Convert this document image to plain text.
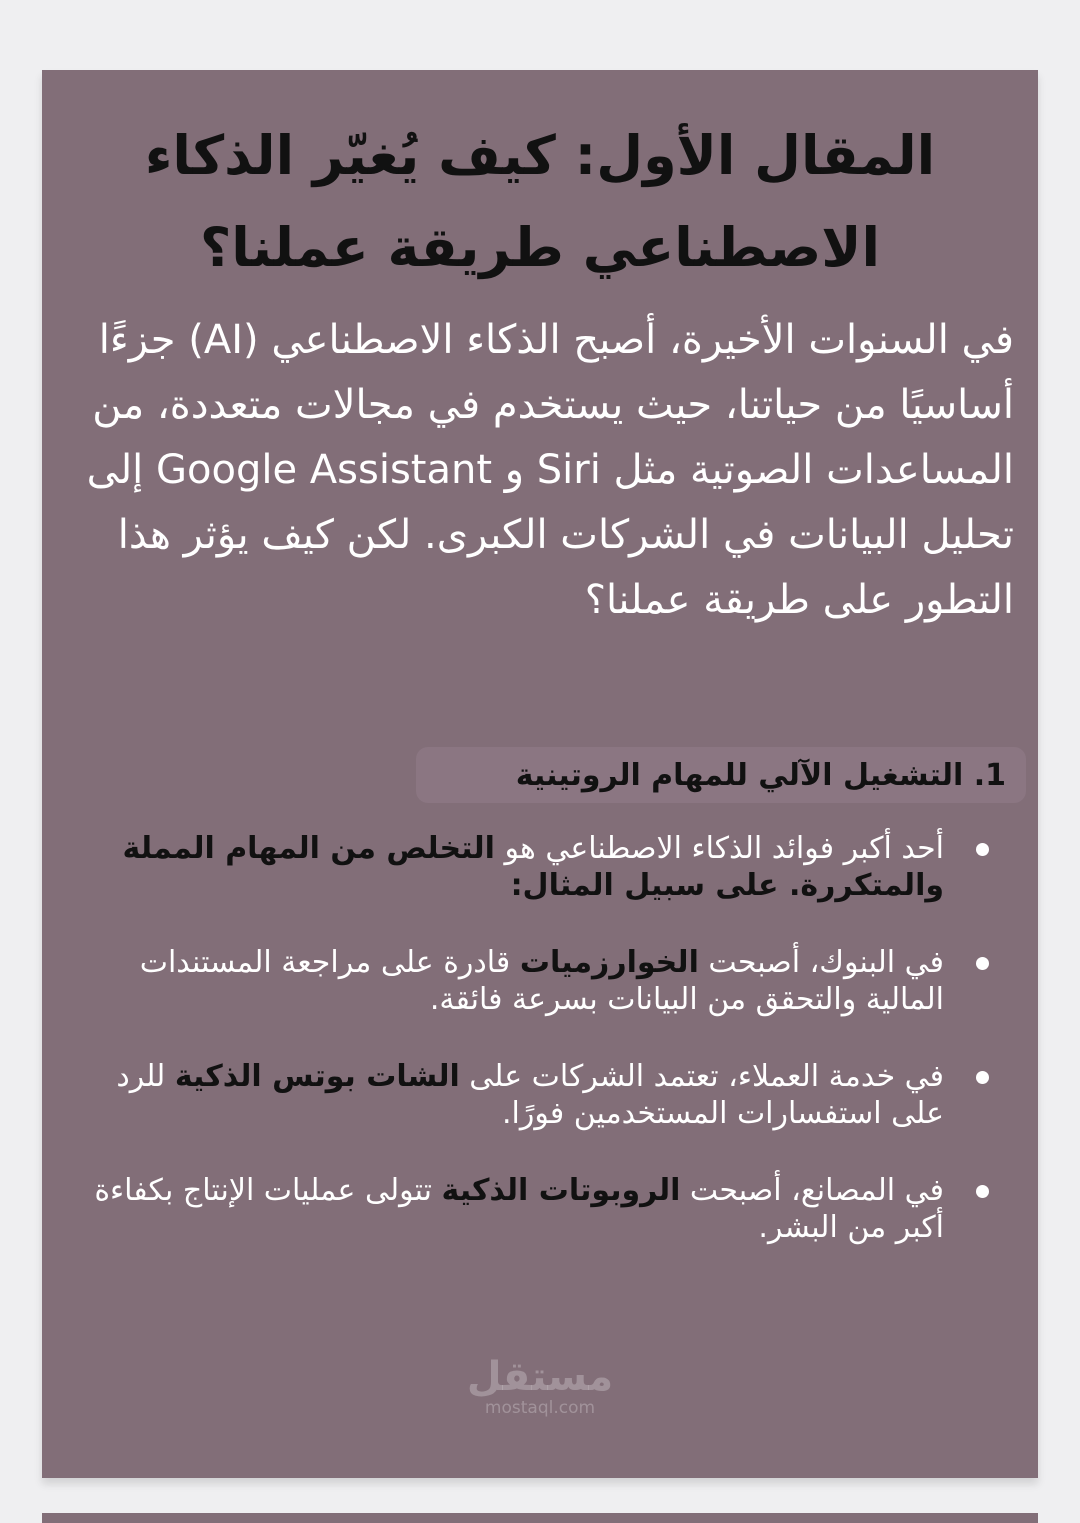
المقال الأول: كيف يُغيّر الذكاء الاصطناعي طريقة عملنا؟
في السنوات الأخيرة، أصبح الذكاء الاصطناعي (AI) جزءًا أساسيًا من حياتنا، حيث يستخدم في مجالات متعددة، من المساعدات الصوتية مثل Siri و Google Assistant إلى تحليل البيانات في الشركات الكبرى. لكن كيف يؤثر هذا التطور على طريقة عملنا؟
1. التشغيل الآلي للمهام الروتينية
أحد أكبر فوائد الذكاء الاصطناعي هو التخلص من المهام المملة والمتكررة. على سبيل المثال:
في البنوك، أصبحت الخوارزميات قادرة على مراجعة المستندات المالية والتحقق من البيانات بسرعة فائقة.
في خدمة العملاء، تعتمد الشركات على الشات بوتس الذكية للرد على استفسارات المستخدمين فورًا.
في المصانع، أصبحت الروبوتات الذكية تتولى عمليات الإنتاج بكفاءة أكبر من البشر.
مستقل
mostaql.com
